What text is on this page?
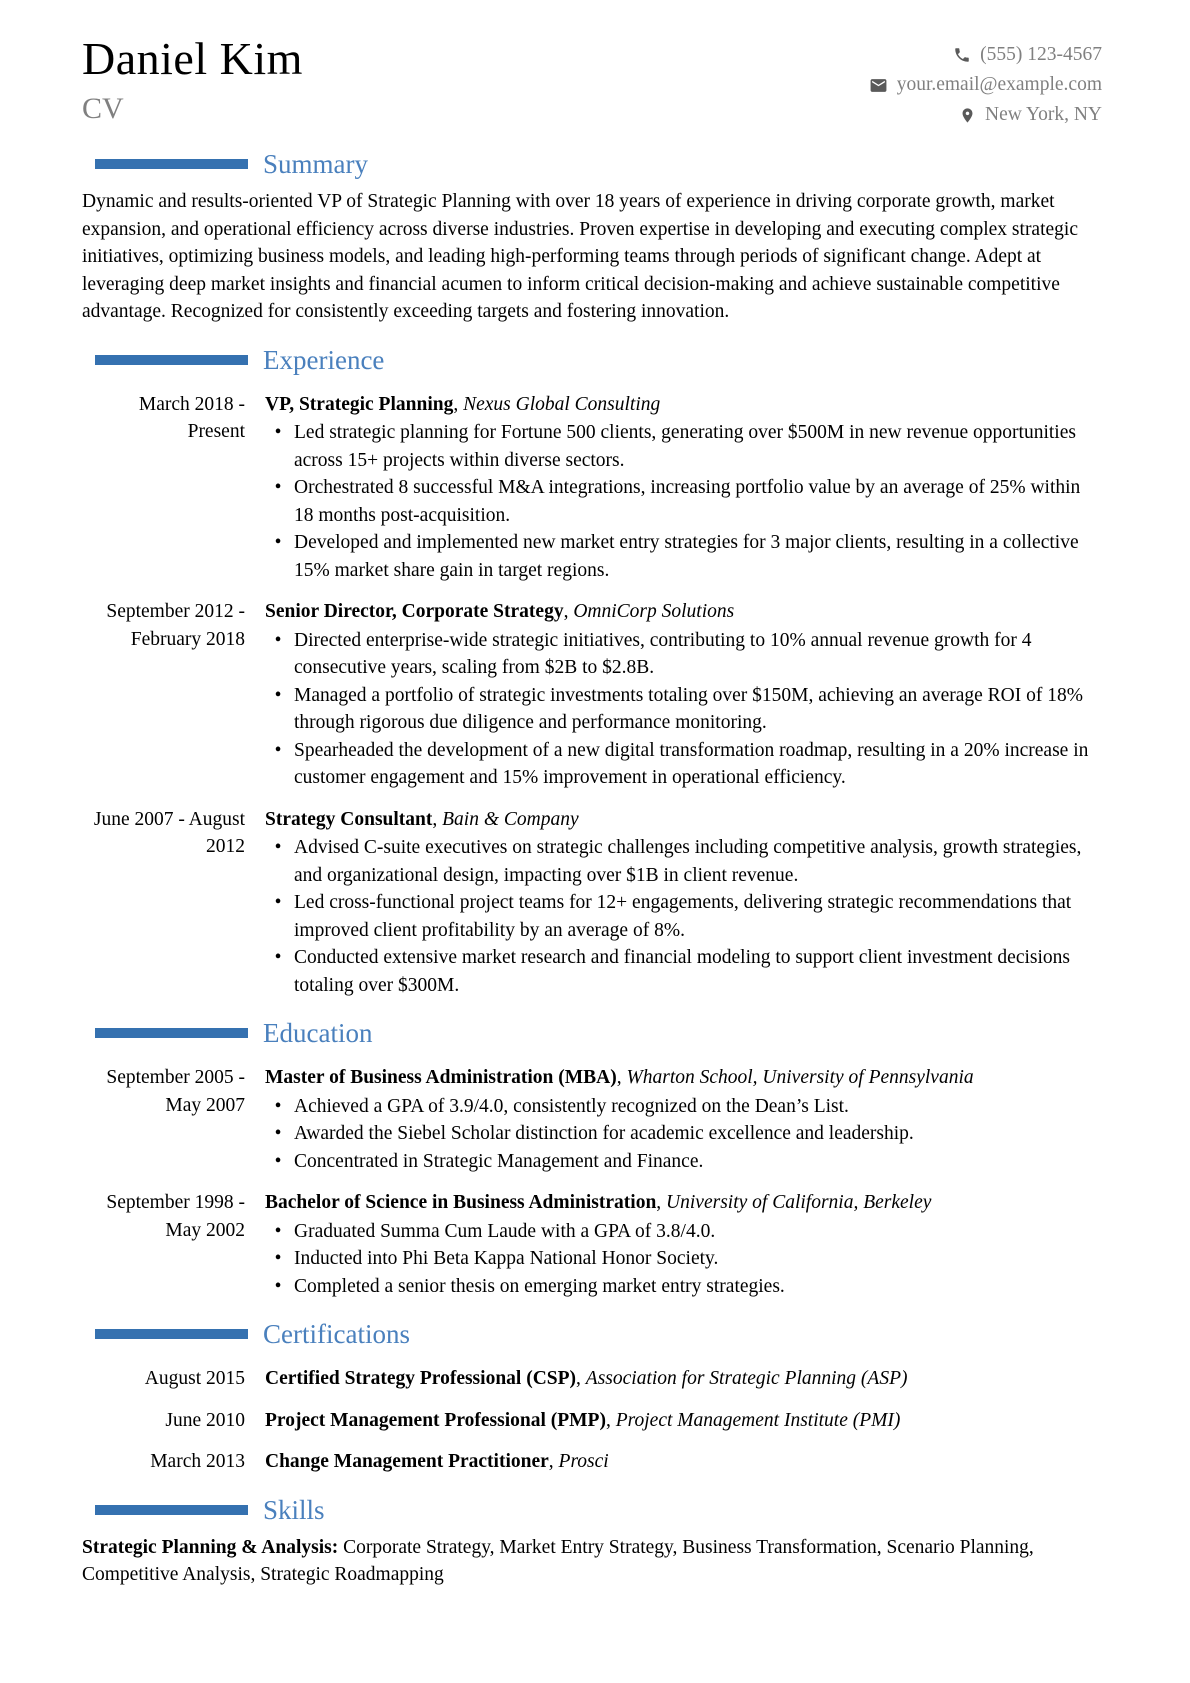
Daniel Kim
CV
(555) 123-4567
your.email@example.com
New York, NY
Summary
Dynamic and results-oriented VP of Strategic Planning with over 18 years of experience in driving corporate growth, market expansion, and operational efficiency across diverse industries. Proven expertise in developing and executing complex strategic initiatives, optimizing business models, and leading high-performing teams through periods of significant change. Adept at leveraging deep market insights and financial acumen to inform critical decision-making and achieve sustainable competitive advantage. Recognized for consistently exceeding targets and fostering innovation.
Experience
March 2018 - Present
VP, Strategic Planning, Nexus Global Consulting
• Led strategic planning for Fortune 500 clients, generating over $500M in new revenue opportunities across 15+ projects within diverse sectors.
• Orchestrated 8 successful M&A integrations, increasing portfolio value by an average of 25% within 18 months post-acquisition.
• Developed and implemented new market entry strategies for 3 major clients, resulting in a collective 15% market share gain in target regions.
September 2012 - February 2018
Senior Director, Corporate Strategy, OmniCorp Solutions
• Directed enterprise-wide strategic initiatives, contributing to 10% annual revenue growth for 4 consecutive years, scaling from $2B to $2.8B.
• Managed a portfolio of strategic investments totaling over $150M, achieving an average ROI of 18% through rigorous due diligence and performance monitoring.
• Spearheaded the development of a new digital transformation roadmap, resulting in a 20% increase in customer engagement and 15% improvement in operational efficiency.
June 2007 - August 2012
Strategy Consultant, Bain & Company
• Advised C-suite executives on strategic challenges including competitive analysis, growth strategies, and organizational design, impacting over $1B in client revenue.
• Led cross-functional project teams for 12+ engagements, delivering strategic recommendations that improved client profitability by an average of 8%.
• Conducted extensive market research and financial modeling to support client investment decisions totaling over $300M.
Education
September 2005 - May 2007
Master of Business Administration (MBA), Wharton School, University of Pennsylvania
• Achieved a GPA of 3.9/4.0, consistently recognized on the Dean’s List.
• Awarded the Siebel Scholar distinction for academic excellence and leadership.
• Concentrated in Strategic Management and Finance.
September 1998 - May 2002
Bachelor of Science in Business Administration, University of California, Berkeley
• Graduated Summa Cum Laude with a GPA of 3.8/4.0.
• Inducted into Phi Beta Kappa National Honor Society.
• Completed a senior thesis on emerging market entry strategies.
Certifications
August 2015 Certified Strategy Professional (CSP), Association for Strategic Planning (ASP)
June 2010 Project Management Professional (PMP), Project Management Institute (PMI)
March 2013 Change Management Practitioner, Prosci
Skills
Strategic Planning & Analysis: Corporate Strategy, Market Entry Strategy, Business Transformation, Scenario Planning, Competitive Analysis, Strategic Roadmapping
